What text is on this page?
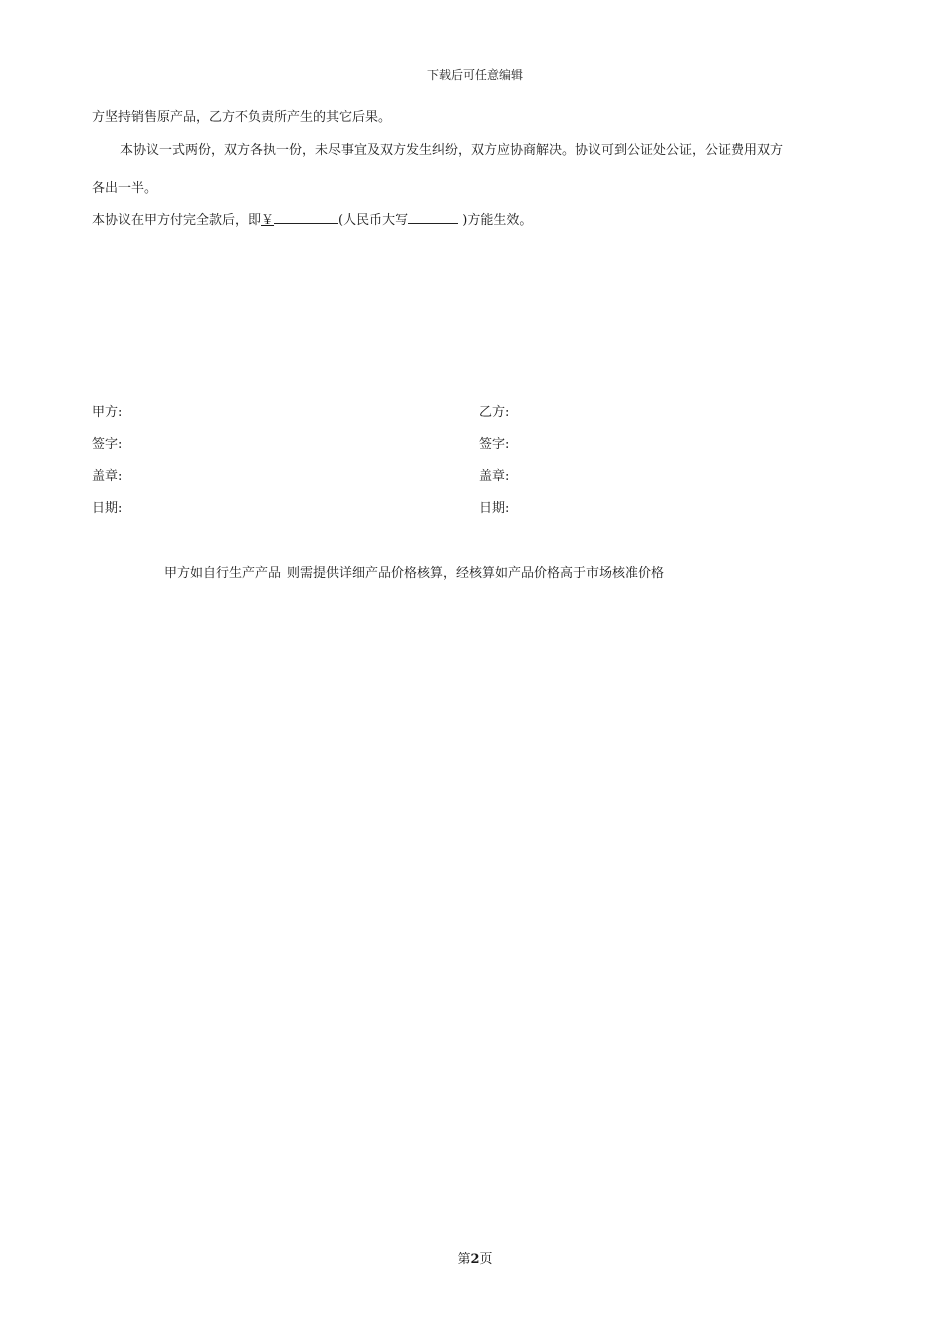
下载后可任意编辑
方坚持销售原产品，乙方不负责所产生的其它后果。
本协议一式两份，双方各执一份，未尽事宜及双方发生纠纷，双方应协商解决。协议可到公证处公证，公证费用双方
各出一半。
本协议在甲方付完全款后，即￥	(人民币大写	)方能生效。
甲方:
签字:
盖章:
日期:
乙方:
签字:
盖章:
日期:
甲方如自行生产产品 则需提供详细产品价格核算，经核算如产品价格高于市场核准价格
第2页
